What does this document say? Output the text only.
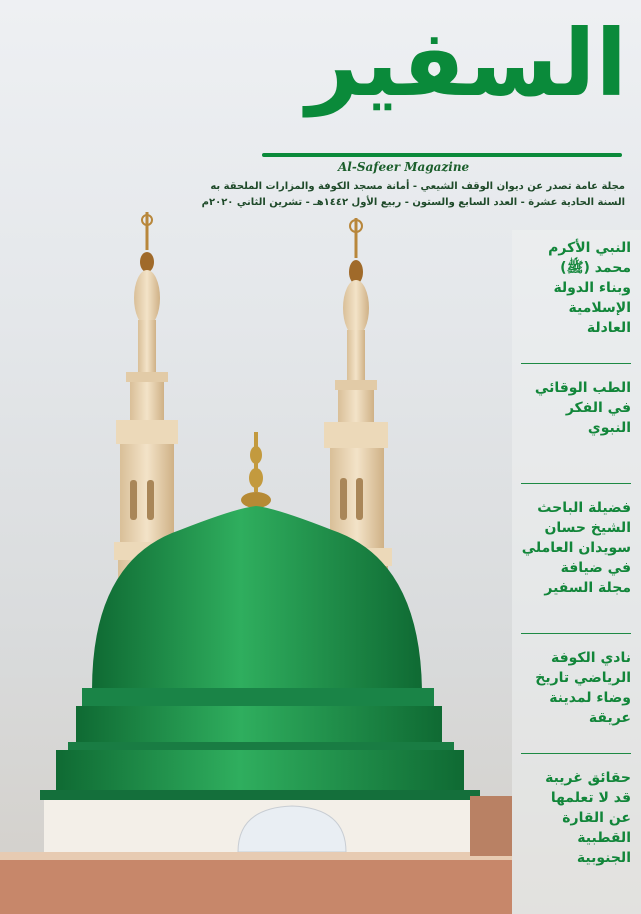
السفير
Al-Safeer Magazine
مجلة عامة تصدر عن ديوان الوقف الشيعي - أمانة مسجد الكوفة والمزارات الملحقة به
السنة الحادية عشرة - العدد السابع والستون - ربيع الأول ١٤٤٢هـ - تشرين الثاني ٢٠٢٠م
النبي الأكرم
محمد (ﷺ)
وبناء الدولة
الإسلامية
العادلة
الطب الوقائي
في الفكر
النبوي
فضيلة الباحث
الشيخ حسان
سويدان العاملي
في ضيافة
مجلة السفير
نادي الكوفة
الرياضي تاريخ
وضاء لمدينة
عريقة
حقائق غريبة
قد لا تعلمها
عن القارة
القطبية
الجنوبية
